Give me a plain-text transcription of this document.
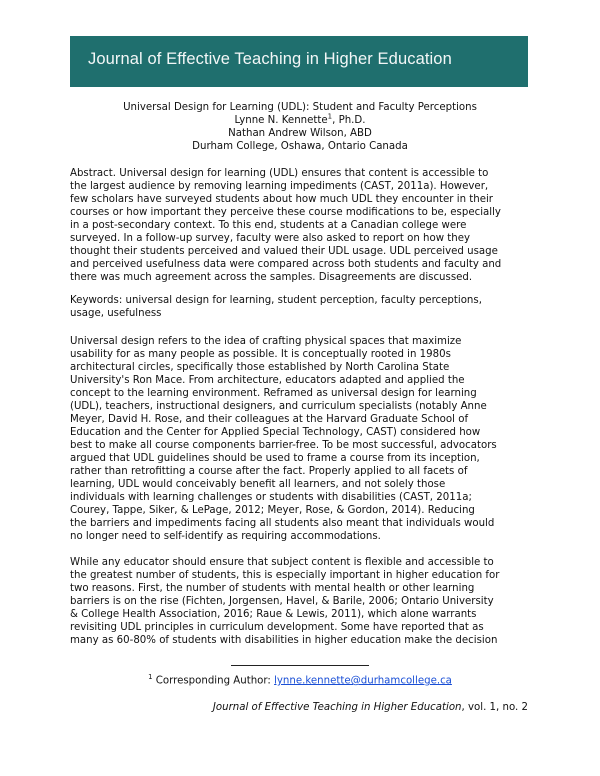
Journal of Effective Teaching in Higher Education
Universal Design for Learning (UDL): Student and Faculty Perceptions
Lynne N. Kennette$^1$, Ph.D.
Nathan Andrew Wilson, ABD
Durham College, Oshawa, Ontario Canada
Abstract. Universal design for learning (UDL) ensures that content is accessible to
the largest audience by removing learning impediments (CAST, 2011a). However,
few scholars have surveyed students about how much UDL they encounter in their
courses or how important they perceive these course modifications to be, especially
in a post-secondary context. To this end, students at a Canadian college were
surveyed. In a follow-up survey, faculty were also asked to report on how they
thought their students perceived and valued their UDL usage. UDL perceived usage
and perceived usefulness data were compared across both students and faculty and
there was much agreement across the samples. Disagreements are discussed.
Keywords: universal design for learning, student perception, faculty perceptions,
usage, usefulness
Universal design refers to the idea of crafting physical spaces that maximize
usability for as many people as possible. It is conceptually rooted in 1980s
architectural circles, specifically those established by North Carolina State
University's Ron Mace. From architecture, educators adapted and applied the
concept to the learning environment. Reframed as universal design for learning
(UDL), teachers, instructional designers, and curriculum specialists (notably Anne
Meyer, David H. Rose, and their colleagues at the Harvard Graduate School of
Education and the Center for Applied Special Technology, CAST) considered how
best to make all course components barrier-free. To be most successful, advocators
argued that UDL guidelines should be used to frame a course from its inception,
rather than retrofitting a course after the fact. Properly applied to all facets of
learning, UDL would conceivably benefit all learners, and not solely those
individuals with learning challenges or students with disabilities (CAST, 2011a;
Courey, Tappe, Siker, & LePage, 2012; Meyer, Rose, & Gordon, 2014). Reducing
the barriers and impediments facing all students also meant that individuals would
no longer need to self-identify as requiring accommodations.
While any educator should ensure that subject content is flexible and accessible to
the greatest number of students, this is especially important in higher education for
two reasons. First, the number of students with mental health or other learning
barriers is on the rise (Fichten, Jorgensen, Havel, & Barile, 2006; Ontario University
& College Health Association, 2016; Raue & Lewis, 2011), which alone warrants
revisiting UDL principles in curriculum development. Some have reported that as
many as 60-80% of students with disabilities in higher education make the decision
$^1$ Corresponding Author: lynne.kennette@durhamcollege.ca
Journal of Effective Teaching in Higher Education, vol. 1, no. 2
